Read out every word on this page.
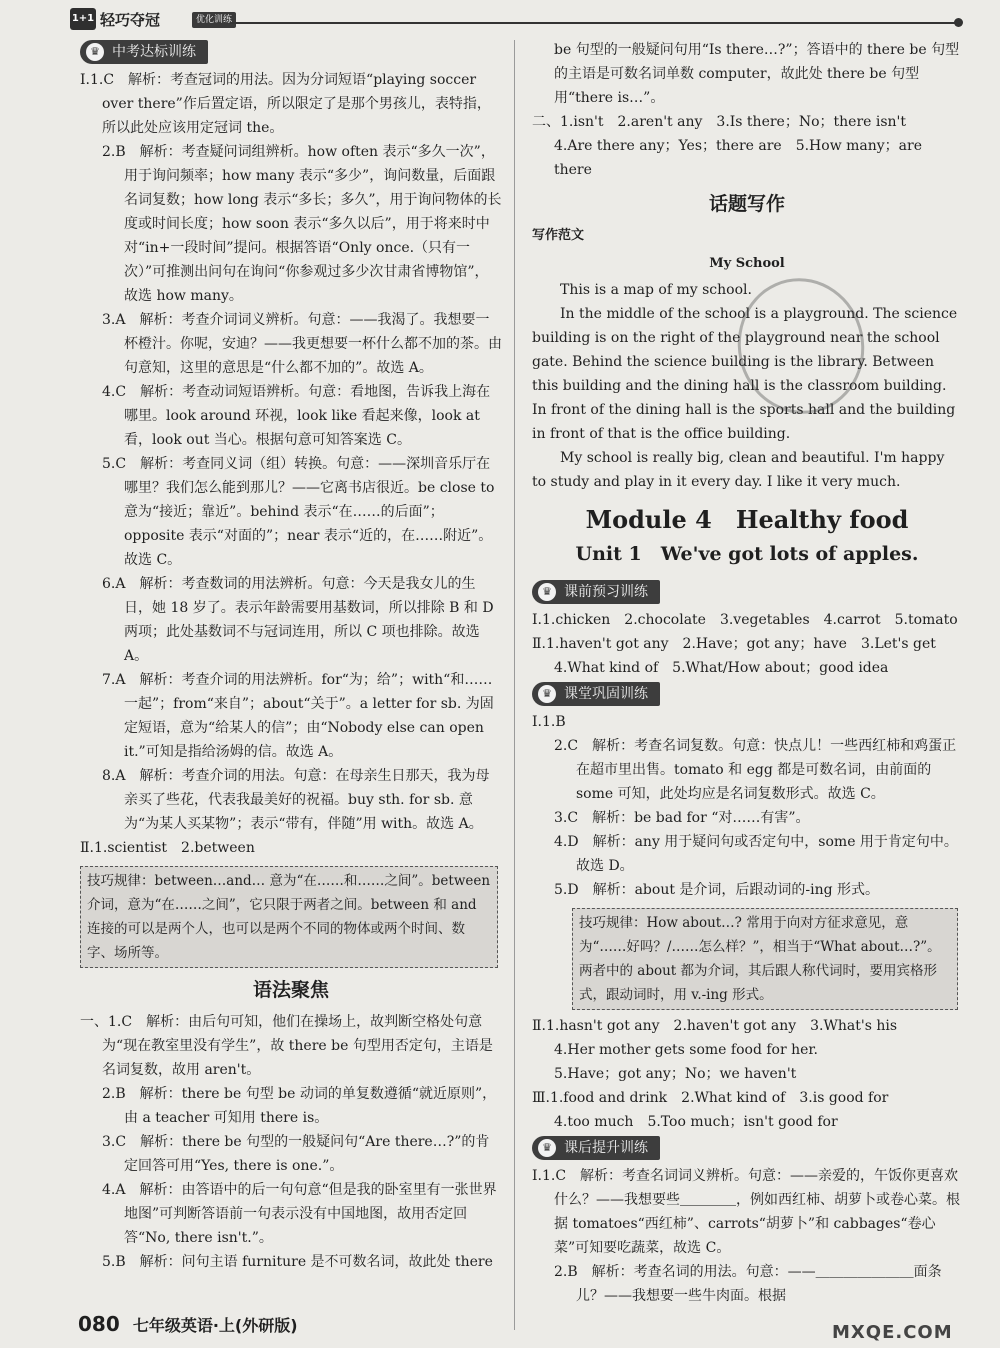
1+1 轻巧夺冠	优化训练
♛ 中考达标训练

Ⅰ.1.C　解析：考查冠词的用法。因为分词短语“playing soccer over there”作后置定语，所以限定了是那个男孩儿，表特指，所以此处应该用定冠词 the。

2.B　解析：考查疑问词组辨析。how often 表示“多久一次”，用于询问频率；how many 表示“多少”，询问数量，后面跟名词复数；how long 表示“多长；多久”，用于询问物体的长度或时间长度；how soon 表示“多久以后”，用于将来时中对“in+一段时间”提问。根据答语“Only once.（只有一次）”可推测出问句在询问“你参观过多少次甘肃省博物馆”，故选 how many。

3.A　解析：考查介词词义辨析。句意：——我渴了。我想要一杯橙汁。你呢，安迪？——我更想要一杯什么都不加的茶。由句意知，这里的意思是“什么都不加的”。故选 A。

4.C　解析：考查动词短语辨析。句意：看地图，告诉我上海在哪里。look around 环视，look like 看起来像，look at 看，look out 当心。根据句意可知答案选 C。

5.C　解析：考查同义词（组）转换。句意：——深圳音乐厅在哪里？我们怎么能到那儿？——它离书店很近。be close to 意为“接近；靠近”。behind 表示“在……的后面”；opposite 表示“对面的”；near 表示“近的，在……附近”。故选 C。

6.A　解析：考查数词的用法辨析。句意：今天是我女儿的生日，她 18 岁了。表示年龄需要用基数词，所以排除 B 和 D 两项；此处基数词不与冠词连用，所以 C 项也排除。故选 A。

7.A　解析：考查介词的用法辨析。for“为；给”；with“和……一起”；from“来自”；about“关于”。a letter for sb. 为固定短语，意为“给某人的信”；由“Nobody else can open it.”可知是指给汤姆的信。故选 A。

8.A　解析：考查介词的用法。句意：在母亲生日那天，我为母亲买了些花，代表我最美好的祝福。buy sth. for sb. 意为“为某人买某物”；表示“带有，伴随”用 with。故选 A。

Ⅱ.1.scientist　2.between

技巧规律：between…and… 意为“在……和……之间”。between 介词，意为“在……之间”，它只限于两者之间。between 和 and 连接的可以是两个人，也可以是两个不同的物体或两个时间、数字、场所等。
语法聚焦

一、1.C　解析：由后句可知，他们在操场上，故判断空格处句意为“现在教室里没有学生”，故 there be 句型用否定句，主语是名词复数，故用 aren't。

2.B　解析：there be 句型 be 动词的单复数遵循“就近原则”，由 a teacher 可知用 there is。

3.C　解析：there be 句型的一般疑问句“Are there…?”的肯定回答可用“Yes, there is one.”。

4.A　解析：由答语中的后一句句意“但是我的卧室里有一张世界地图”可判断答语前一句表示没有中国地图，故用否定回答“No, there isn't.”。

5.B　解析：问句主语 furniture 是不可数名词，故此处 there

be 句型的一般疑问句用“Is there…?”；答语中的 there be 句型的主语是可数名词单数 computer，故此处 there be 句型用“there is…”。

二、1.isn't　2.aren't any　3.Is there；No；there isn't

4.Are there any；Yes；there are　5.How many；are there

话题写作
写作范文
My School

This is a map of my school.

In the middle of the school is a playground. The science building is on the right of the playground near the school gate. Behind the science building is the library. Between this building and the dining hall is the classroom building. In front of the dining hall is the sports hall and the building in front of that is the office building.

My school is really big, clean and beautiful. I'm happy to study and play in it every day. I like it very much.

Module 4　Healthy food
Unit 1　We've got lots of apples.
♛ 课前预习训练

Ⅰ.1.chicken　2.chocolate　3.vegetables　4.carrot　5.tomato

Ⅱ.1.haven't got any　2.Have；got any；have　3.Let's get

4.What kind of　5.What/How about；good idea

♛ 课堂巩固训练

Ⅰ.1.B

2.C　解析：考查名词复数。句意：快点儿！一些西红柿和鸡蛋正在超市里出售。tomato 和 egg 都是可数名词，由前面的 some 可知，此处均应是名词复数形式。故选 C。

3.C　解析：be bad for “对……有害”。

4.D　解析：any 用于疑问句或否定句中，some 用于肯定句中。故选 D。

5.D　解析：about 是介词，后跟动词的-ing 形式。

技巧规律：How about…? 常用于向对方征求意见，意为“……好吗？/……怎么样？”，相当于“What about…?”。两者中的 about 都为介词，其后跟人称代词时，要用宾格形式，跟动词时，用 v.-ing 形式。

Ⅱ.1.hasn't got any　2.haven't got any　3.What's his

4.Her mother gets some food for her.

5.Have；got any；No；we haven't

Ⅲ.1.food and drink　2.What kind of　3.is good for

4.too much　5.Too much；isn't good for

♛ 课后提升训练

Ⅰ.1.C　解析：考查名词词义辨析。句意：——亲爱的，午饭你更喜欢什么？——我想要些＿＿＿＿，例如西红柿、胡萝卜或卷心菜。根据 tomatoes“西红柿”、carrots“胡萝卜”和 cabbages“卷心菜”可知要吃蔬菜，故选 C。

2.B　解析：考查名词的用法。句意：——＿＿＿＿＿＿＿面条儿？——我想要一些牛肉面。根据

080 七年级英语·上(外研版)	MXQE.COM
